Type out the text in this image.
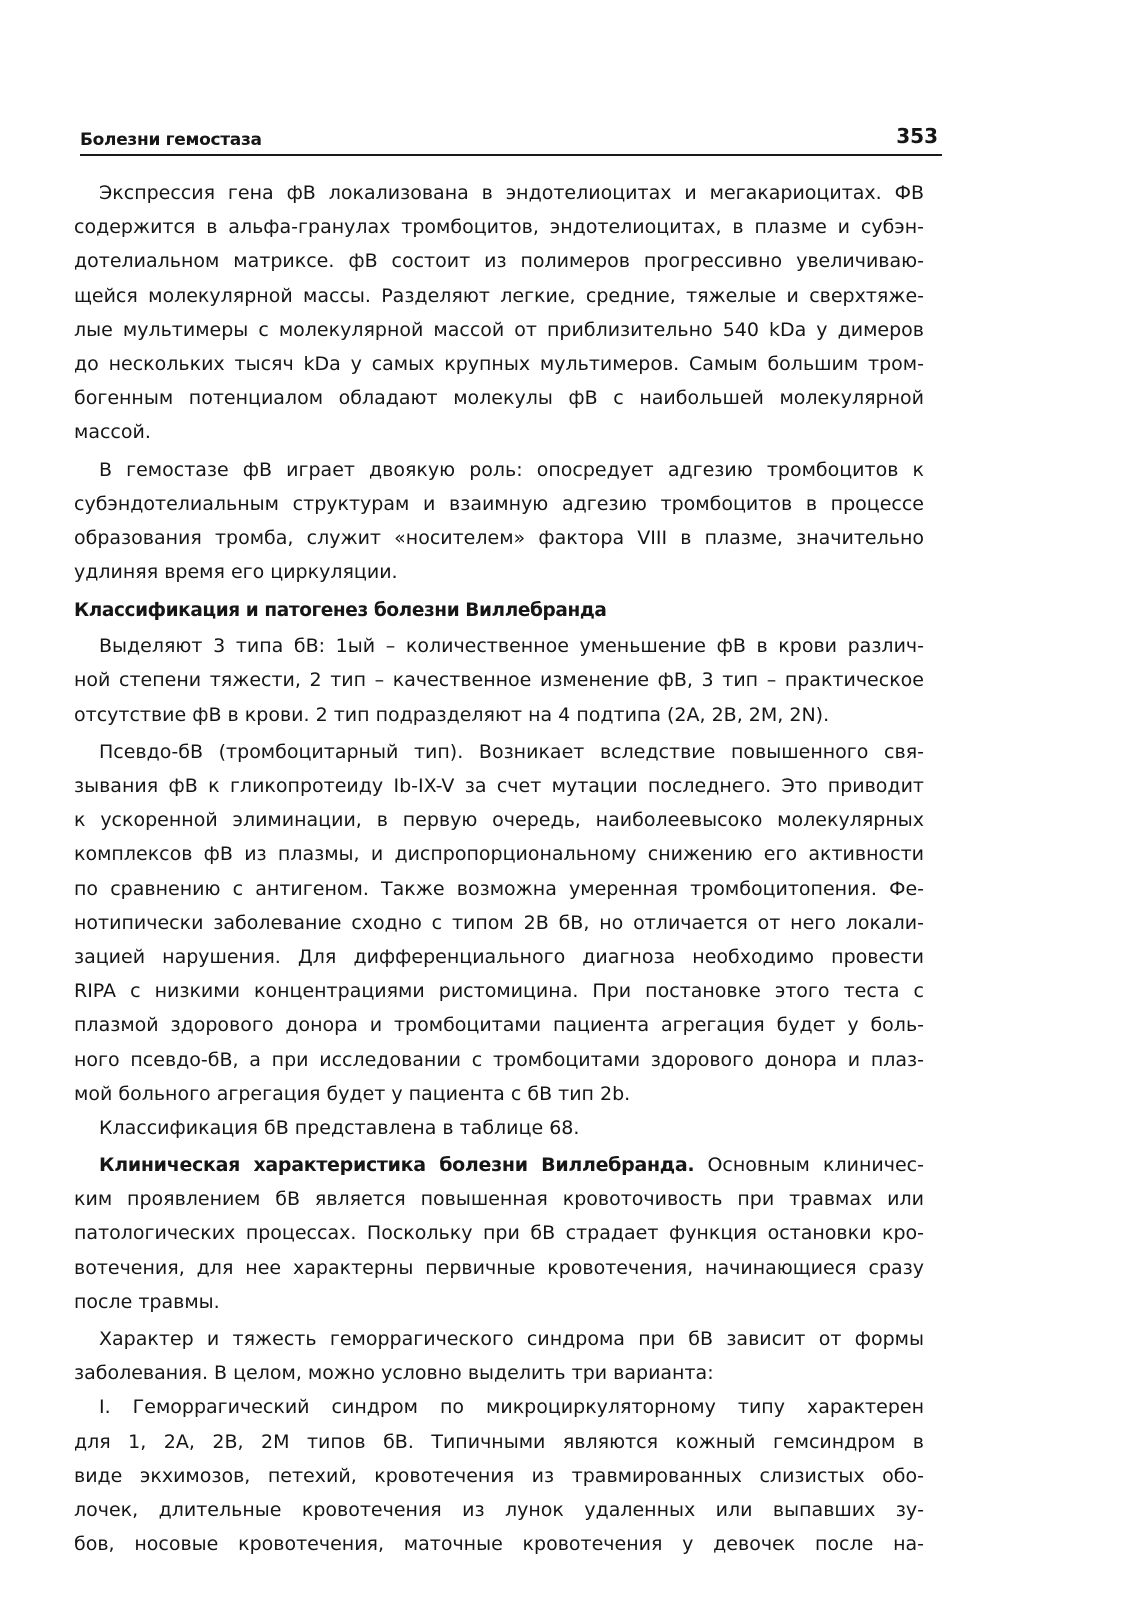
Болезни гемостаза	353
Экспрессия гена фВ локализована в эндотелиоцитах и мегакариоцитах. ФВ
содержится в альфа-гранулах тромбоцитов, эндотелиоцитах, в плазме и субэн-
дотелиальном матриксе. фВ состоит из полимеров прогрессивно увеличиваю-
щейся молекулярной массы. Разделяют легкие, средние, тяжелые и сверхтяже-
лые мультимеры с молекулярной массой от приблизительно 540 kDa у димеров
до нескольких тысяч kDa у самых крупных мультимеров. Самым большим тром-
богенным потенциалом обладают молекулы фВ с наибольшей молекулярной
массой.
В гемостазе фВ играет двоякую роль: опосредует адгезию тромбоцитов к
субэндотелиальным структурам и взаимную адгезию тромбоцитов в процессе
образования тромба, служит «носителем» фактора VIII в плазме, значительно
удлиняя время его циркуляции.
Классификация и патогенез болезни Виллебранда
Выделяют 3 типа бВ: 1ый – количественное уменьшение фВ в крови различ-
ной степени тяжести, 2 тип – качественное изменение фВ, 3 тип – практическое
отсутствие фВ в крови. 2 тип подразделяют на 4 подтипа (2A, 2B, 2M, 2N).
Псевдо-бВ (тромбоцитарный тип). Возникает вследствие повышенного свя-
зывания фВ к гликопротеиду Ib-IX-V за счет мутации последнего. Это приводит
к ускоренной элиминации, в первую очередь, наиболеевысоко молекулярных
комплексов фВ из плазмы, и диспропорциональному снижению его активности
по сравнению с антигеном. Также возможна умеренная тромбоцитопения. Фе-
нотипически заболевание сходно с типом 2B бВ, но отличается от него локали-
зацией нарушения. Для дифференциального диагноза необходимо провести
RIPA с низкими концентрациями ристомицина. При постановке этого теста с
плазмой здорового донора и тромбоцитами пациента агрегация будет у боль-
ного псевдо-бВ, а при исследовании с тромбоцитами здорового донора и плаз-
мой больного агрегация будет у пациента с бВ тип 2b.
Классификация бВ представлена в таблице 68.
Клиническая характеристика болезни Виллебранда. Основным клиничес-
ким проявлением бВ является повышенная кровоточивость при травмах или
патологических процессах. Поскольку при бВ страдает функция остановки кро-
вотечения, для нее характерны первичные кровотечения, начинающиеся сразу
после травмы.
Характер и тяжесть геморрагического синдрома при бВ зависит от формы
заболевания. В целом, можно условно выделить три варианта:
I. Геморрагический синдром по микроциркуляторному типу характерен
для 1, 2A, 2B, 2M типов бВ. Типичными являются кожный гемсиндром в
виде экхимозов, петехий, кровотечения из травмированных слизистых обо-
лочек, длительные кровотечения из лунок удаленных или выпавших зу-
бов, носовые кровотечения, маточные кровотечения у девочек после на-
